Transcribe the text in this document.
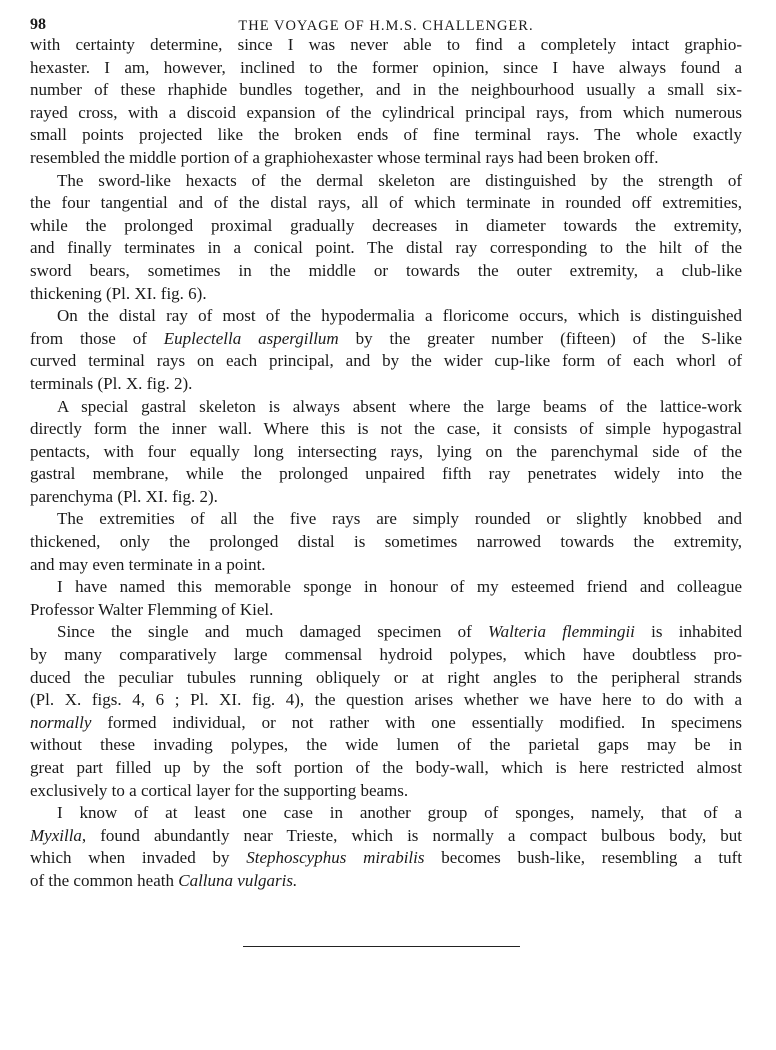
98	THE VOYAGE OF H.M.S. CHALLENGER.
with certainty determine, since I was never able to find a completely intact graphio-
hexaster. I am, however, inclined to the former opinion, since I have always found a
number of these rhaphide bundles together, and in the neighbourhood usually a small six-
rayed cross, with a discoid expansion of the cylindrical principal rays, from which numerous
small points projected like the broken ends of fine terminal rays. The whole exactly
resembled the middle portion of a graphiohexaster whose terminal rays had been broken off.
The sword-like hexacts of the dermal skeleton are distinguished by the strength of
the four tangential and of the distal rays, all of which terminate in rounded off extremities,
while the prolonged proximal gradually decreases in diameter towards the extremity,
and finally terminates in a conical point. The distal ray corresponding to the hilt of the
sword bears, sometimes in the middle or towards the outer extremity, a club-like
thickening (Pl. XI. fig. 6).
On the distal ray of most of the hypodermalia a floricome occurs, which is distinguished
from those of Euplectella aspergillum by the greater number (fifteen) of the S-like
curved terminal rays on each principal, and by the wider cup-like form of each whorl of
terminals (Pl. X. fig. 2).
A special gastral skeleton is always absent where the large beams of the lattice-work
directly form the inner wall. Where this is not the case, it consists of simple hypogastral
pentacts, with four equally long intersecting rays, lying on the parenchymal side of the
gastral membrane, while the prolonged unpaired fifth ray penetrates widely into the
parenchyma (Pl. XI. fig. 2).
The extremities of all the five rays are simply rounded or slightly knobbed and
thickened, only the prolonged distal is sometimes narrowed towards the extremity,
and may even terminate in a point.
I have named this memorable sponge in honour of my esteemed friend and colleague
Professor Walter Flemming of Kiel.
Since the single and much damaged specimen of Walteria flemmingii is inhabited
by many comparatively large commensal hydroid polypes, which have doubtless pro-
duced the peculiar tubules running obliquely or at right angles to the peripheral strands
(Pl. X. figs. 4, 6 ; Pl. XI. fig. 4), the question arises whether we have here to do with a
normally formed individual, or not rather with one essentially modified. In specimens
without these invading polypes, the wide lumen of the parietal gaps may be in
great part filled up by the soft portion of the body-wall, which is here restricted almost
exclusively to a cortical layer for the supporting beams.
I know of at least one case in another group of sponges, namely, that of a
Myxilla, found abundantly near Trieste, which is normally a compact bulbous body, but
which when invaded by Stephoscyphus mirabilis becomes bush-like, resembling a tuft
of the common heath Calluna vulgaris.
